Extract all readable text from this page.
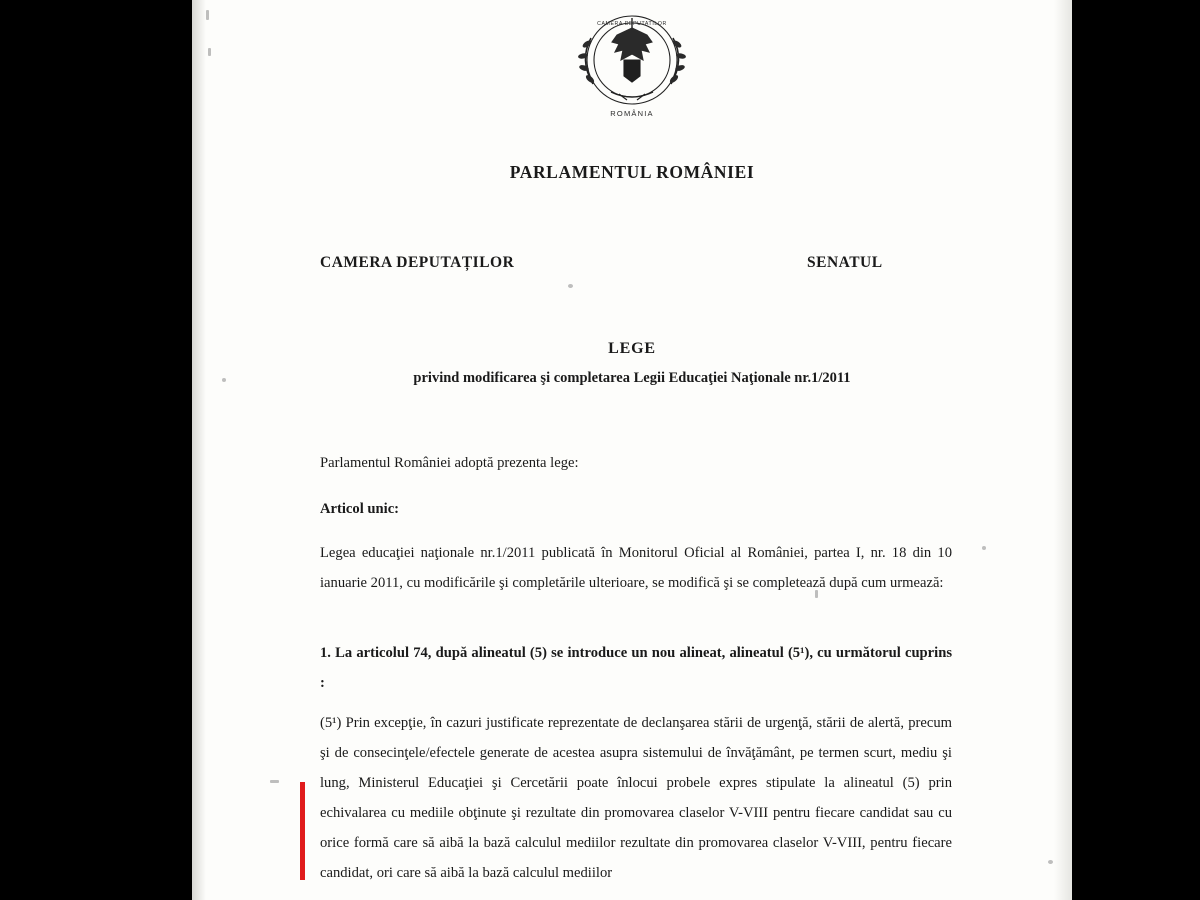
CAMERA DEPUTATILOR
ROMÂNIA
PARLAMENTUL ROMÂNIEI
CAMERA DEPUTAȚILOR	SENATUL
LEGE
privind modificarea şi completarea Legii Educaţiei Naţionale nr.1/2011
Parlamentul României adoptă prezenta lege:
Articol unic:
Legea educaţiei naţionale nr.1/2011 publicată în Monitorul Oficial al României, partea I, nr. 18 din 10 ianuarie 2011, cu modificările şi completările ulterioare, se modifică şi se completează după cum urmează:
1. La articolul 74, după alineatul (5) se introduce un nou alineat, alineatul (5¹), cu următorul cuprins :
(5¹) Prin excepţie, în cazuri justificate reprezentate de declanşarea stării de urgenţă, stării de alertă, precum şi de consecinţele/efectele generate de acestea asupra sistemului de învăţământ, pe termen scurt, mediu şi lung, Ministerul Educaţiei şi Cercetării poate înlocui probele expres stipulate la alineatul (5) prin echivalarea cu mediile obţinute şi rezultate din promovarea claselor V-VIII pentru fiecare candidat sau cu orice formă care să aibă la bază calculul mediilor rezultate din promovarea claselor V-VIII, pentru fiecare candidat, ori care să aibă la bază calculul mediilor
